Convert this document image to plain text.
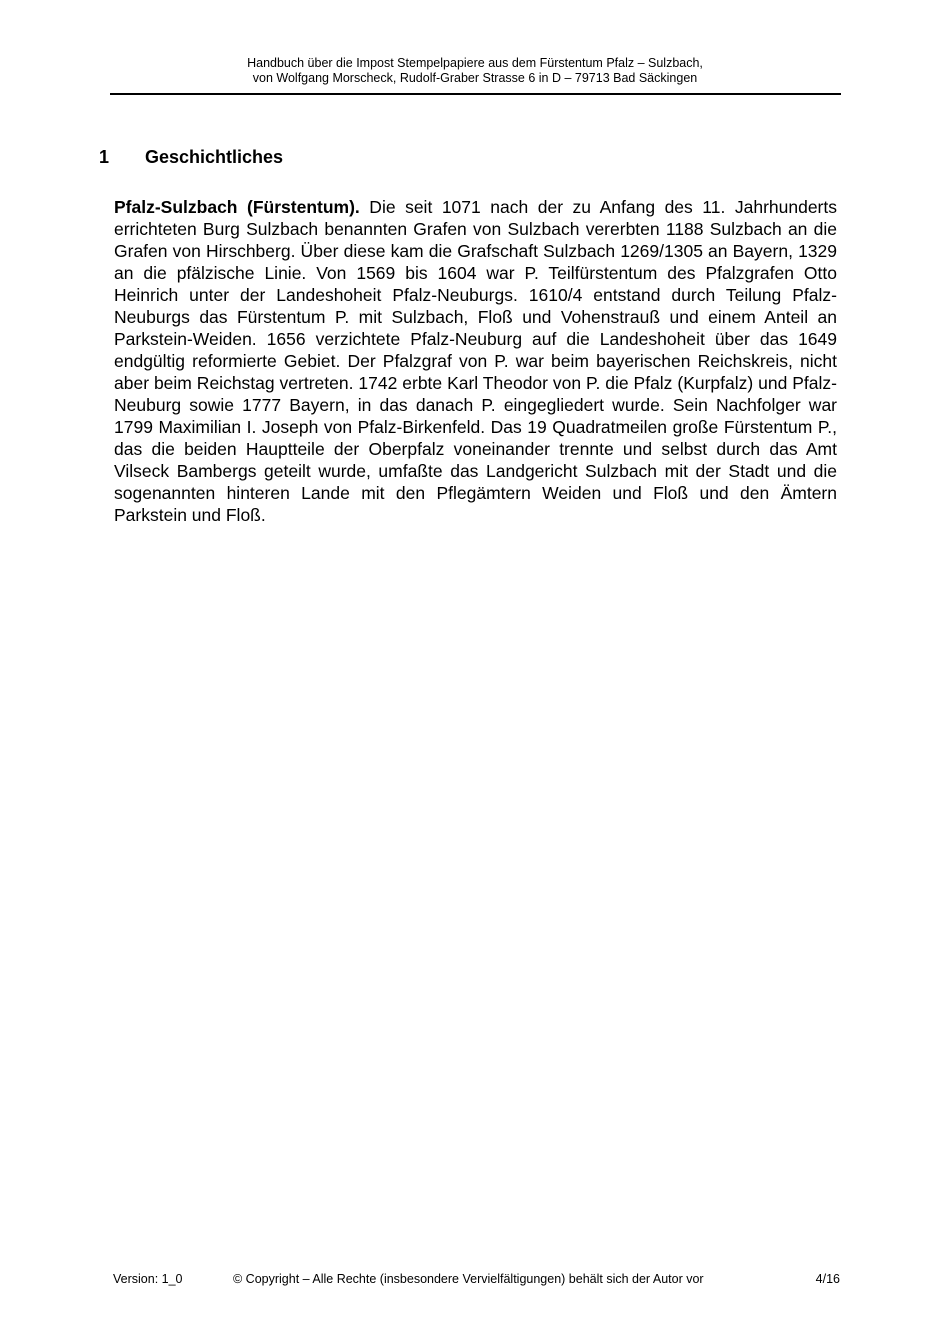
Handbuch über die Impost Stempelpapiere aus dem Fürstentum Pfalz – Sulzbach,
von Wolfgang Morscheck, Rudolf-Graber Strasse 6 in D – 79713 Bad Säckingen
1 Geschichtliches

Pfalz-Sulzbach (Fürstentum). Die seit 1071 nach der zu Anfang des 11. Jahrhunderts errichteten Burg Sulzbach benannten Grafen von Sulzbach vererbten 1188 Sulzbach an die Grafen von Hirschberg. Über diese kam die Grafschaft Sulzbach 1269/1305 an Bayern, 1329 an die pfälzische Linie. Von 1569 bis 1604 war P. Teilfürstentum des Pfalzgrafen Otto Heinrich unter der Landeshoheit Pfalz-Neuburgs. 1610/4 entstand durch Teilung Pfalz-Neuburgs das Fürstentum P. mit Sulzbach, Floß und Vohenstrauß und einem Anteil an Parkstein-Weiden. 1656 verzichtete Pfalz-Neuburg auf die Landeshoheit über das 1649 endgültig reformierte Gebiet. Der Pfalzgraf von P. war beim bayerischen Reichskreis, nicht aber beim Reichstag vertreten. 1742 erbte Karl Theodor von P. die Pfalz (Kurpfalz) und Pfalz-Neuburg sowie 1777 Bayern, in das danach P. eingegliedert wurde. Sein Nachfolger war 1799 Maximilian I. Joseph von Pfalz-Birkenfeld. Das 19 Quadratmeilen große Fürstentum P., das die beiden Hauptteile der Oberpfalz voneinander trennte und selbst durch das Amt Vilseck Bambergs geteilt wurde, umfaßte das Landgericht Sulzbach mit der Stadt und die sogenannten hinteren Lande mit den Pflegämtern Weiden und Floß und den Ämtern Parkstein und Floß.

Version: 1_0	© Copyright – Alle Rechte (insbesondere Vervielfältigungen) behält sich der Autor vor	4/16
